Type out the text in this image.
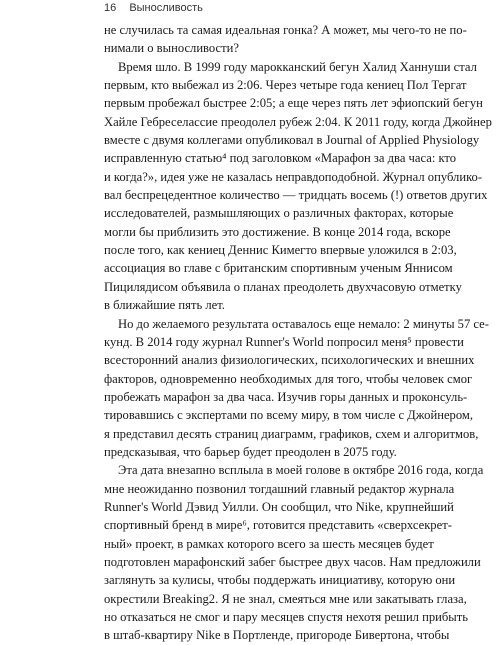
16 Выносливость
не случилась та самая идеальная гонка? А может, мы чего-то не по-
нимали о выносливости?
Время шло. В 1999 году марокканский бегун Халид Ханнуши стал
первым, кто выбежал из 2:06. Через четыре года кениец Пол Тергат
первым пробежал быстрее 2:05; а еще через пять лет эфиопский бегун
Хайле Гебреселассие преодолел рубеж 2:04. К 2011 году, когда Джойнер
вместе с двумя коллегами опубликовал в Journal of Applied Physiology
исправленную статью⁴ под заголовком «Марафон за два часа: кто
и когда?», идея уже не казалась неправдоподобной. Журнал опублико-
вал беспрецедентное количество — тридцать восемь (!) ответов других
исследователей, размышляющих о различных факторах, которые
могли бы приблизить это достижение. В конце 2014 года, вскоре
после того, как кениец Деннис Кимегто впервые уложился в 2:03,
ассоциация во главе с британским спортивным ученым Яннисом
Пицилядисом объявила о планах преодолеть двухчасовую отметку
в ближайшие пять лет.
Но до желаемого результата оставалось еще немало: 2 минуты 57 се-
кунд. В 2014 году журнал Runner's World попросил меня⁵ провести
всесторонний анализ физиологических, психологических и внешних
факторов, одновременно необходимых для того, чтобы человек смог
пробежать марафон за два часа. Изучив горы данных и проконсуль-
тировавшись с экспертами по всему миру, в том числе с Джойнером,
я представил десять страниц диаграмм, графиков, схем и алгоритмов,
предсказывая, что барьер будет преодолен в 2075 году.
Эта дата внезапно всплыла в моей голове в октябре 2016 года, когда
мне неожиданно позвонил тогдашний главный редактор журнала
Runner's World Дэвид Уилли. Он сообщил, что Nike, крупнейший
спортивный бренд в мире⁶, готовится представить «сверхсекрет-
ный» проект, в рамках которого всего за шесть месяцев будет
подготовлен марафонский забег быстрее двух часов. Нам предложили
заглянуть за кулисы, чтобы поддержать инициативу, которую они
окрестили Breaking2. Я не знал, смеяться мне или закатывать глаза,
но отказаться не смог и пару месяцев спустя нехотя решил прибыть
в штаб-квартиру Nike в Портленде, пригороде Бивертона, чтобы
